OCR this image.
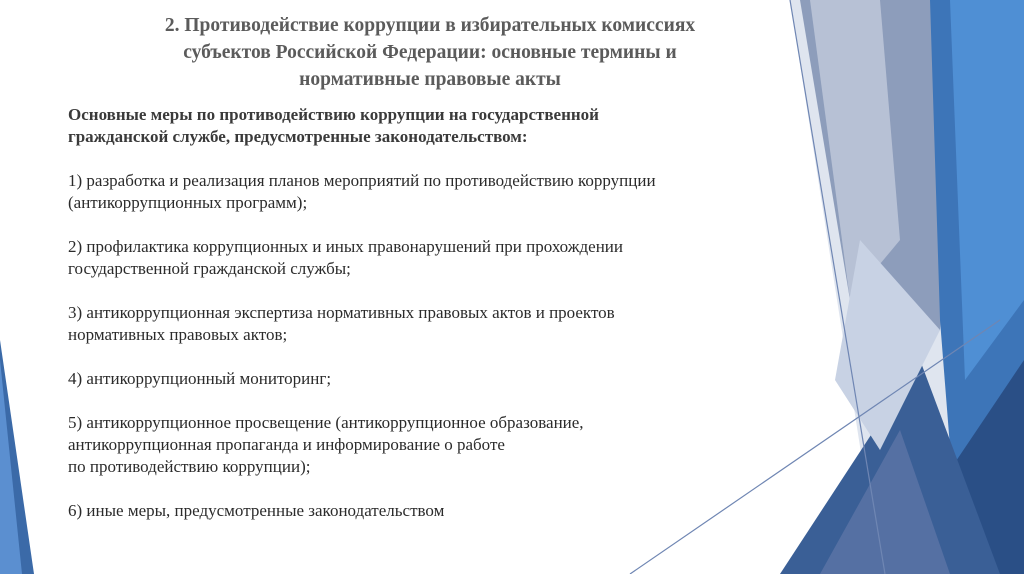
2. Противодействие коррупции в избирательных комиссиях
субъектов Российской Федерации: основные термины и
нормативные правовые акты
Основные меры по противодействию коррупции на государственной
гражданской службе, предусмотренные законодательством:
1) разработка и реализация планов мероприятий по противодействию коррупции
(антикоррупционных программ);
2) профилактика коррупционных и иных правонарушений при прохождении
государственной гражданской службы;
3) антикоррупционная экспертиза нормативных правовых актов и проектов
нормативных правовых актов;
4) антикоррупционный мониторинг;
5) антикоррупционное просвещение (антикоррупционное образование,
антикоррупционная пропаганда и информирование о работе
по противодействию коррупции);
6) иные меры, предусмотренные законодательством
